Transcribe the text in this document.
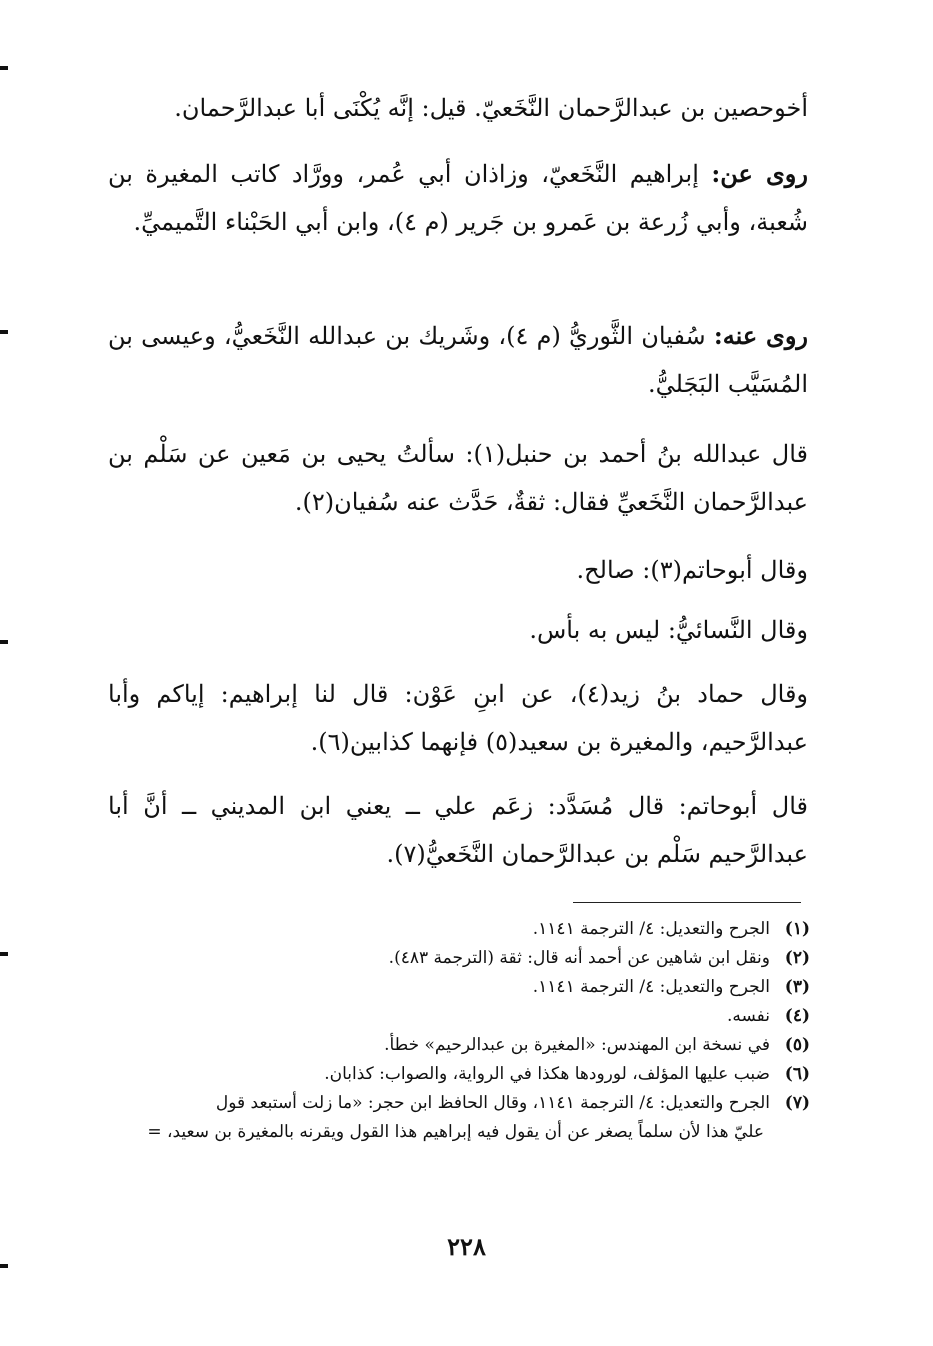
أخوحصين بن عبدالرَّحمان النَّخَعيّ. قيل: إنَّه يُكْنَى أبا عبدالرَّحمان.

روى عن: إبراهيم النَّخَعيّ، وزاذان أبي عُمر، وورَّاد كاتب المغيرة بن شُعبة، وأبي زُرعة بن عَمرو بن جَرير (م ٤)، وابن أبي الحَبْناء التَّميميِّ.

روى عنه: سُفيان الثَّوريُّ (م ٤)، وشَريك بن عبدالله النَّخَعيُّ، وعيسى بن المُسَيَّب البَجَليُّ.

قال عبدالله بنُ أحمد بن حنبل(١): سألتُ يحيى بن مَعين عن سَلْم بن عبدالرَّحمان النَّخَعيِّ فقال: ثقةٌ، حَدَّث عنه سُفيان(٢).

وقال أبوحاتم(٣): صالح.

وقال النَّسائيُّ: ليس به بأس.

وقال حماد بنُ زيد(٤)، عن ابنِ عَوْن: قال لنا إبراهيم: إياكم وأبا عبدالرَّحيم، والمغيرة بن سعيد(٥) فإنهما كذابين(٦).

قال أبوحاتم: قال مُسَدَّد: زعَم علي ــ يعني ابن المديني ــ أنَّ أبا عبدالرَّحيم سَلْم بن عبدالرَّحمان النَّخَعيُّ(٧).

(١)الجرح والتعديل: ٤/ الترجمة ١١٤١.

(٢)ونقل ابن شاهين عن أحمد أنه قال: ثقة (الترجمة ٤٨٣).

(٣)الجرح والتعديل: ٤/ الترجمة ١١٤١.

(٤)نفسه.

(٥)في نسخة ابن المهندس: «المغيرة بن عبدالرحيم» خطأ.

(٦)ضبب عليها المؤلف، لورودها هكذا في الرواية، والصواب: كذابان.

(٧)الجرح والتعديل: ٤/ الترجمة ١١٤١، وقال الحافظ ابن حجر: «ما زلت أستبعد قول

عليّ هذا لأن سلماً يصغر عن أن يقول فيه إبراهيم هذا القول ويقرنه بالمغيرة بن سعيد، =

٢٢٨
